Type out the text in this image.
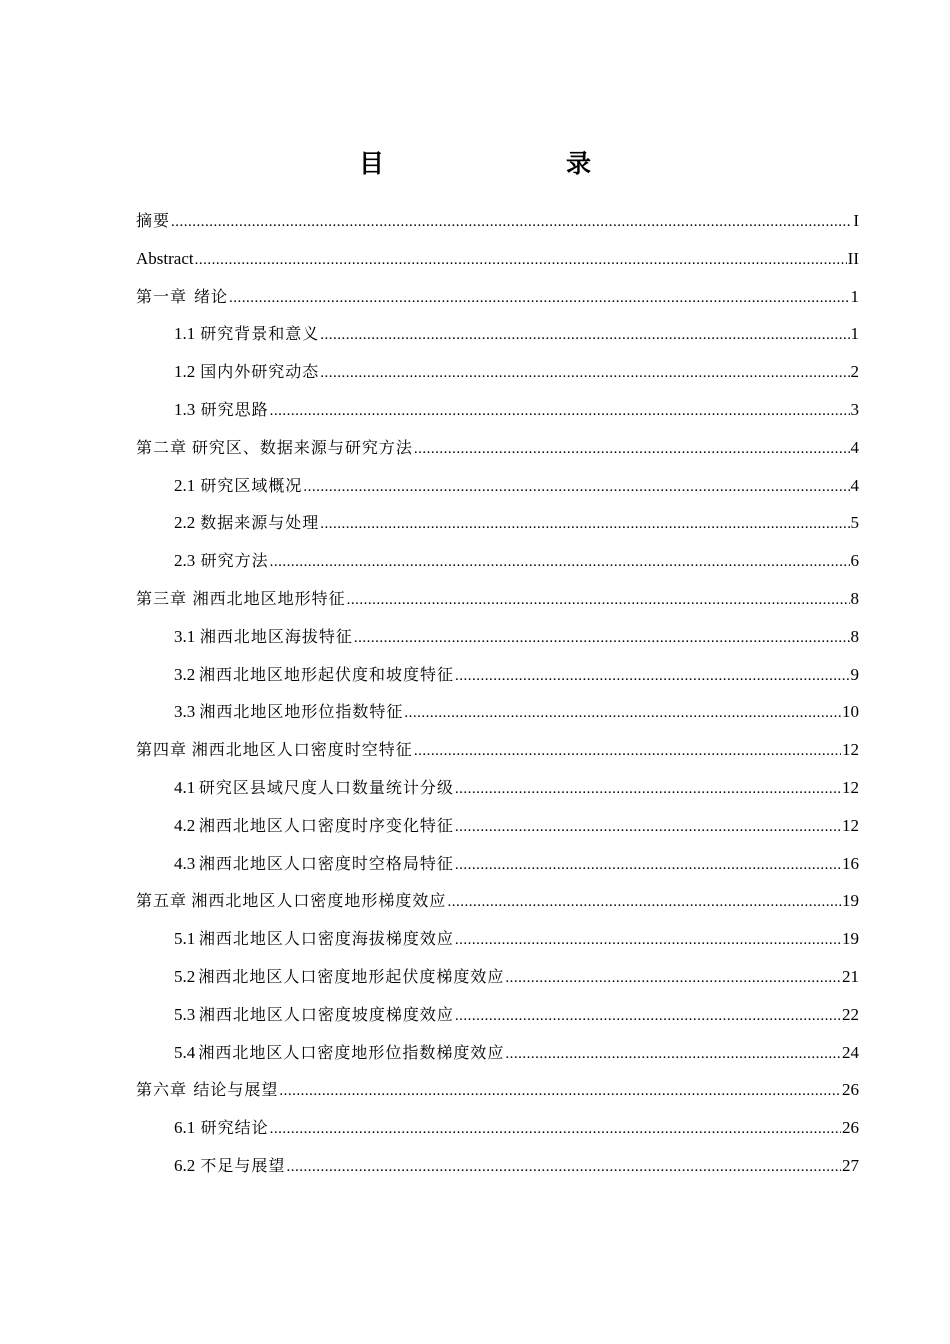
目　　录
摘要 .....	I
Abstract .....	II
第一章 绪论 .....	1
1.1 研究背景和意义 .....	1
1.2 国内外研究动态 .....	2
1.3 研究思路 .....	3
第二章 研究区、数据来源与研究方法 .....	4
2.1 研究区域概况 .....	4
2.2 数据来源与处理 .....	5
2.3 研究方法 .....	6
第三章 湘西北地区地形特征 .....	8
3.1 湘西北地区海拔特征 .....	8
3.2 湘西北地区地形起伏度和坡度特征 .....	9
3.3 湘西北地区地形位指数特征 .....	10
第四章 湘西北地区人口密度时空特征 .....	12
4.1 研究区县域尺度人口数量统计分级 .....	12
4.2 湘西北地区人口密度时序变化特征 .....	12
4.3 湘西北地区人口密度时空格局特征 .....	16
第五章 湘西北地区人口密度地形梯度效应 .....	19
5.1 湘西北地区人口密度海拔梯度效应 .....	19
5.2 湘西北地区人口密度地形起伏度梯度效应 .....	21
5.3 湘西北地区人口密度坡度梯度效应 .....	22
5.4 湘西北地区人口密度地形位指数梯度效应 .....	24
第六章 结论与展望 .....	26
6.1 研究结论 .....	26
6.2 不足与展望 .....	27
